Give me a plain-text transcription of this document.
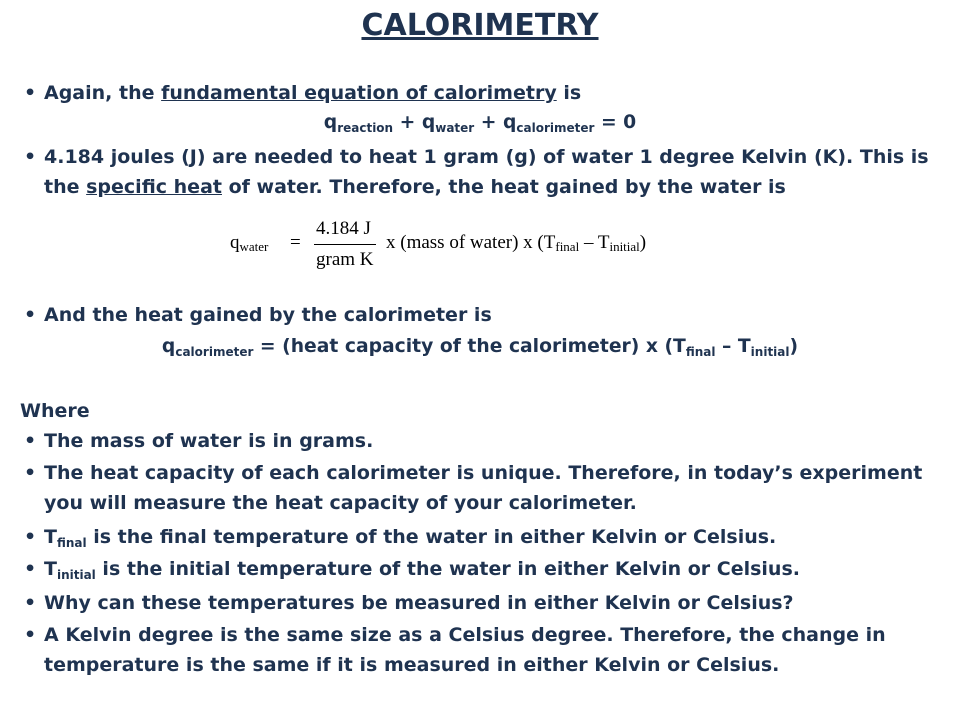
CALORIMETRY
• Again, the fundamental equation of calorimetry is
$q_{reaction} + q_{water} + q_{calorimeter} = 0$
• 4.184 joules (J) are needed to heat 1 gram (g) of water 1 degree Kelvin (K). This is
the specific heat of water. Therefore, the heat gained by the water is
$q_{water}$ =
4.184 J
gram K
x (mass of water) x $(T_{final} - T_{initial})$
• And the heat gained by the calorimeter is
$q_{calorimeter}$ = (heat capacity of the calorimeter) x $(T_{final} - T_{initial})$
Where
• The mass of water is in grams.
• The heat capacity of each calorimeter is unique. Therefore, in today’s experiment
you will measure the heat capacity of your calorimeter.
• $T_{final}$ is the final temperature of the water in either Kelvin or Celsius.
• $T_{initial}$ is the initial temperature of the water in either Kelvin or Celsius.
• Why can these temperatures be measured in either Kelvin or Celsius?
• A Kelvin degree is the same size as a Celsius degree. Therefore, the change in
temperature is the same if it is measured in either Kelvin or Celsius.
